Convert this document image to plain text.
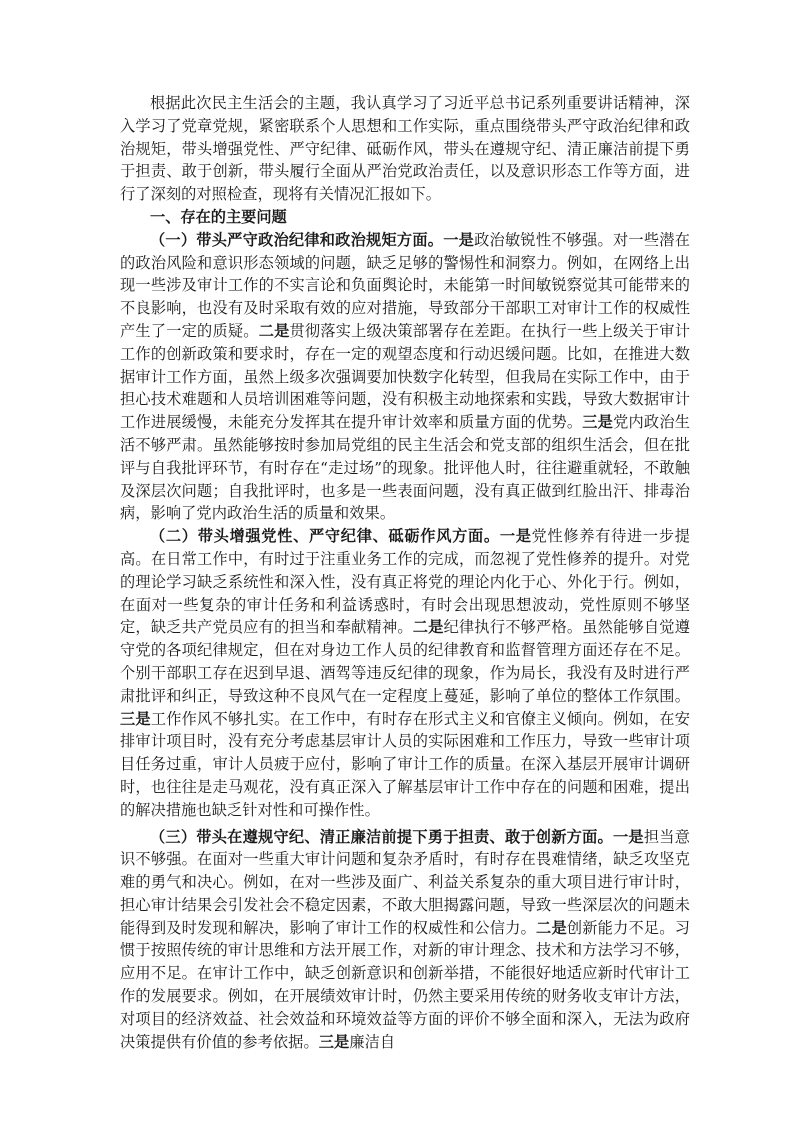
根据此次民主生活会的主题，我认真学习了习近平总书记系列重要讲话精神，深入学习了党章党规，紧密联系个人思想和工作实际，重点围绕带头严守政治纪律和政治规矩，带头增强党性、严守纪律、砥砺作风，带头在遵规守纪、清正廉洁前提下勇于担责、敢于创新，带头履行全面从严治党政治责任，以及意识形态工作等方面，进行了深刻的对照检查，现将有关情况汇报如下。

一、存在的主要问题

（一）带头严守政治纪律和政治规矩方面。一是政治敏锐性不够强。对一些潜在的政治风险和意识形态领域的问题，缺乏足够的警惕性和洞察力。例如，在网络上出现一些涉及审计工作的不实言论和负面舆论时，未能第一时间敏锐察觉其可能带来的不良影响，也没有及时采取有效的应对措施，导致部分干部职工对审计工作的权威性产生了一定的质疑。二是贯彻落实上级决策部署存在差距。在执行一些上级关于审计工作的创新政策和要求时，存在一定的观望态度和行动迟缓问题。比如，在推进大数据审计工作方面，虽然上级多次强调要加快数字化转型，但我局在实际工作中，由于担心技术难题和人员培训困难等问题，没有积极主动地探索和实践，导致大数据审计工作进展缓慢，未能充分发挥其在提升审计效率和质量方面的优势。三是党内政治生活不够严肃。虽然能够按时参加局党组的民主生活会和党支部的组织生活会，但在批评与自我批评环节，有时存在“走过场”的现象。批评他人时，往往避重就轻，不敢触及深层次问题；自我批评时，也多是一些表面问题，没有真正做到红脸出汗、排毒治病，影响了党内政治生活的质量和效果。

（二）带头增强党性、严守纪律、砥砺作风方面。一是党性修养有待进一步提高。在日常工作中，有时过于注重业务工作的完成，而忽视了党性修养的提升。对党的理论学习缺乏系统性和深入性，没有真正将党的理论内化于心、外化于行。例如，在面对一些复杂的审计任务和利益诱惑时，有时会出现思想波动，党性原则不够坚定，缺乏共产党员应有的担当和奉献精神。二是纪律执行不够严格。虽然能够自觉遵守党的各项纪律规定，但在对身边工作人员的纪律教育和监督管理方面还存在不足。个别干部职工存在迟到早退、酒驾等违反纪律的现象，作为局长，我没有及时进行严肃批评和纠正，导致这种不良风气在一定程度上蔓延，影响了单位的整体工作氛围。三是工作作风不够扎实。在工作中，有时存在形式主义和官僚主义倾向。例如，在安排审计项目时，没有充分考虑基层审计人员的实际困难和工作压力，导致一些审计项目任务过重，审计人员疲于应付，影响了审计工作的质量。在深入基层开展审计调研时，也往往是走马观花，没有真正深入了解基层审计工作中存在的问题和困难，提出的解决措施也缺乏针对性和可操作性。

（三）带头在遵规守纪、清正廉洁前提下勇于担责、敢于创新方面。一是担当意识不够强。在面对一些重大审计问题和复杂矛盾时，有时存在畏难情绪，缺乏攻坚克难的勇气和决心。例如，在对一些涉及面广、利益关系复杂的重大项目进行审计时，担心审计结果会引发社会不稳定因素，不敢大胆揭露问题，导致一些深层次的问题未能得到及时发现和解决，影响了审计工作的权威性和公信力。二是创新能力不足。习惯于按照传统的审计思维和方法开展工作，对新的审计理念、技术和方法学习不够，应用不足。在审计工作中，缺乏创新意识和创新举措，不能很好地适应新时代审计工作的发展要求。例如，在开展绩效审计时，仍然主要采用传统的财务收支审计方法，对项目的经济效益、社会效益和环境效益等方面的评价不够全面和深入，无法为政府决策提供有价值的参考依据。三是廉洁自
